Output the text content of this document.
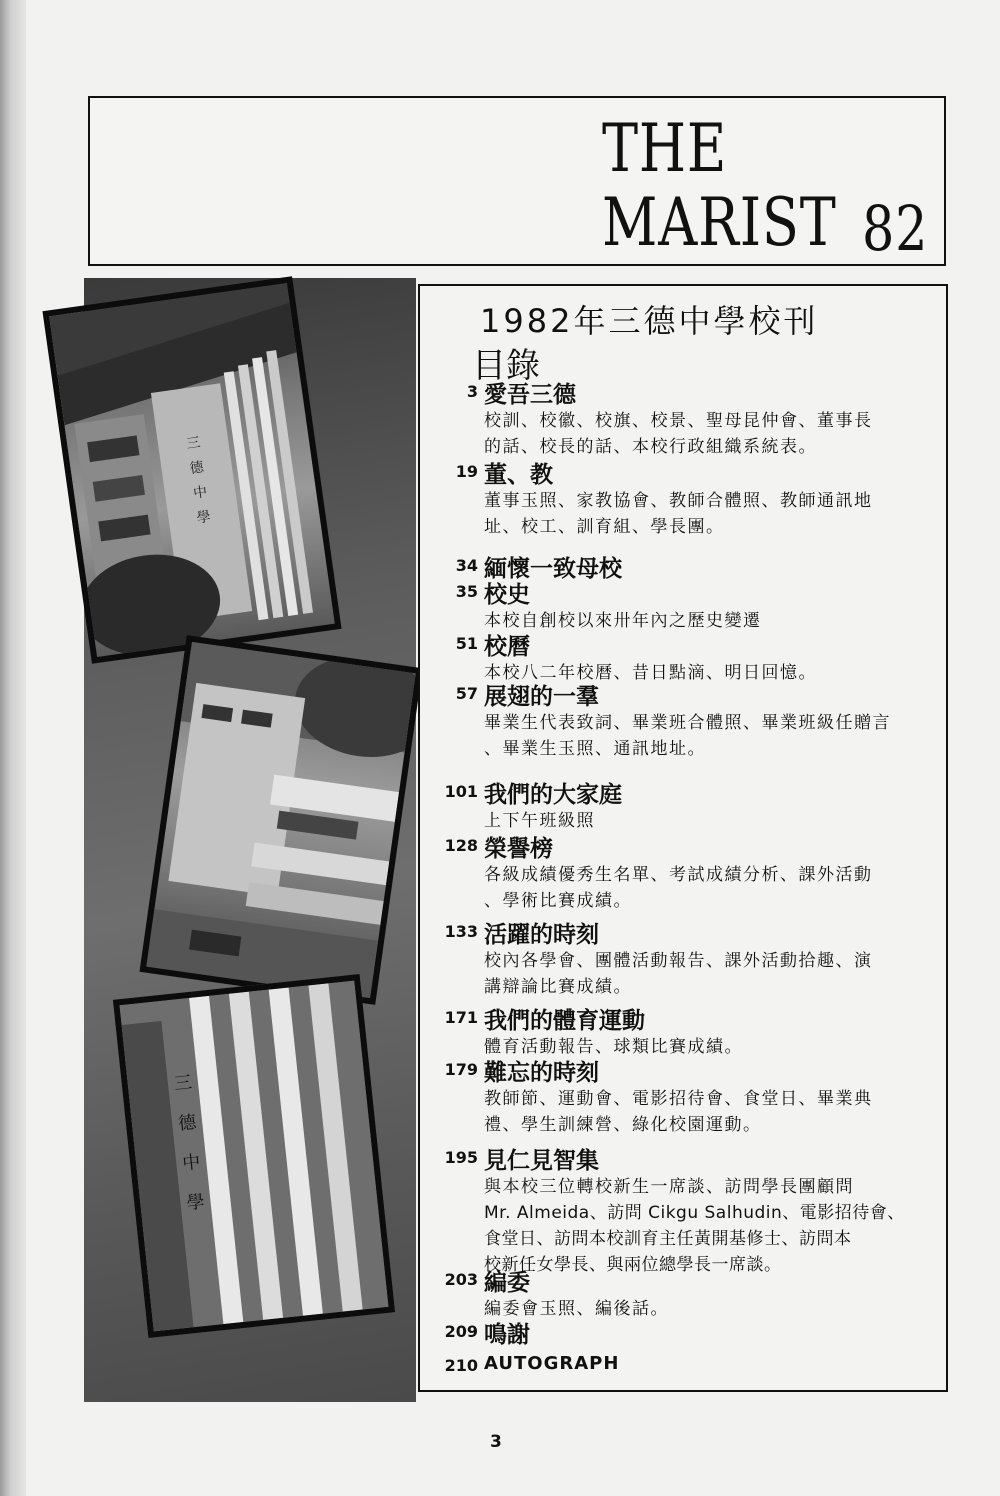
THE
MARIST 82
三
德
中
學
三
德
中
學
1982年三德中學校刊
目錄
3 愛吾三德
校訓、校徽、校旗、校景、聖母昆仲會、董事長
的話、校長的話、本校行政組織系統表。
19 董、教
董事玉照、家教協會、教師合體照、教師通訊地
址、校工、訓育組、學長團。
34 緬懷一致母校
35 校史
本校自創校以來卅年內之歷史變遷
51 校曆
本校八二年校曆、昔日點滴、明日回憶。
57 展翅的一羣
畢業生代表致詞、畢業班合體照、畢業班級任贈言
、畢業生玉照、通訊地址。
101 我們的大家庭
上下午班級照
128 榮譽榜
各級成績優秀生名單、考試成績分析、課外活動
、學術比賽成績。
133 活躍的時刻
校內各學會、團體活動報告、課外活動拾趣、演
講辯論比賽成績。
171 我們的體育運動
體育活動報告、球類比賽成績。
179 難忘的時刻
教師節、運動會、電影招待會、食堂日、畢業典
禮、學生訓練營、綠化校園運動。
195 見仁見智集
與本校三位轉校新生一席談、訪問學長團顧問
Mr. Almeida、訪問 Cikgu Salhudin、電影招待會、
食堂日、訪問本校訓育主任黃開基修士、訪問本
校新任女學長、與兩位總學長一席談。
203 編委
編委會玉照、編後話。
209 鳴謝
210 AUTOGRAPH
3
